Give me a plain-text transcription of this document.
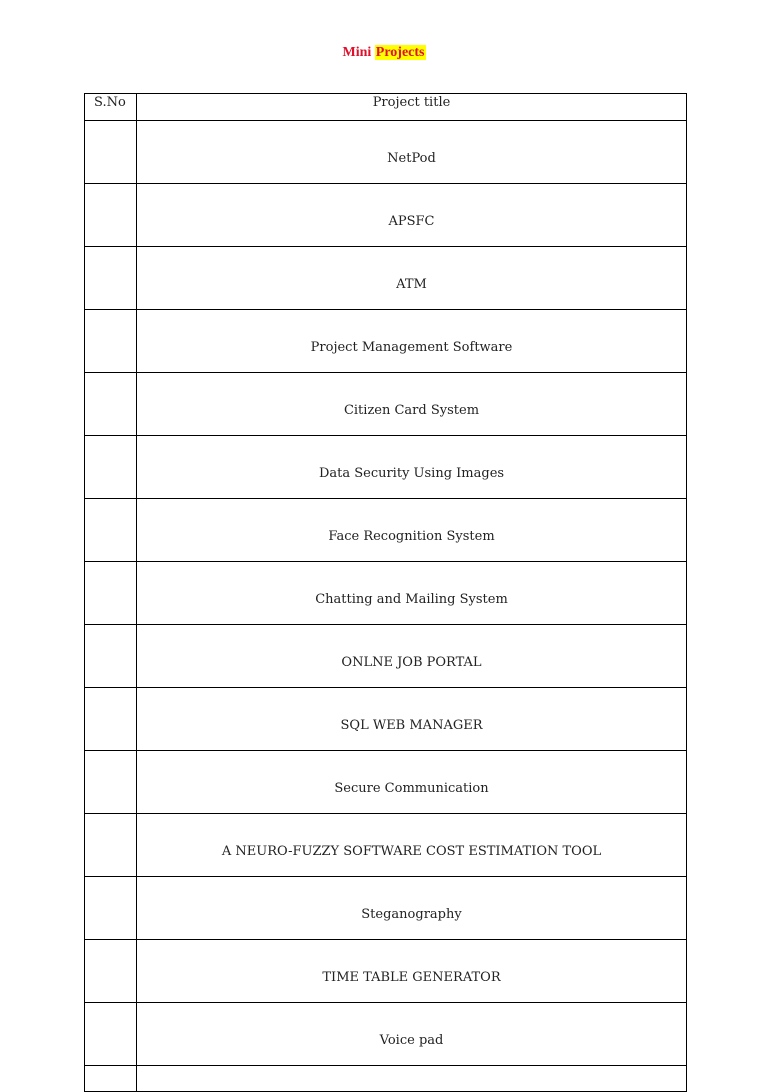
Mini Projects
S.No	Project title
	NetPod
	APSFC
	ATM
	Project Management Software
	Citizen Card System
	Data Security Using Images
	Face Recognition System
	Chatting and Mailing System
	ONLNE JOB PORTAL
	SQL WEB MANAGER
	Secure Communication
	A NEURO-FUZZY SOFTWARE COST ESTIMATION TOOL
	Steganography
	TIME TABLE GENERATOR
	Voice pad
